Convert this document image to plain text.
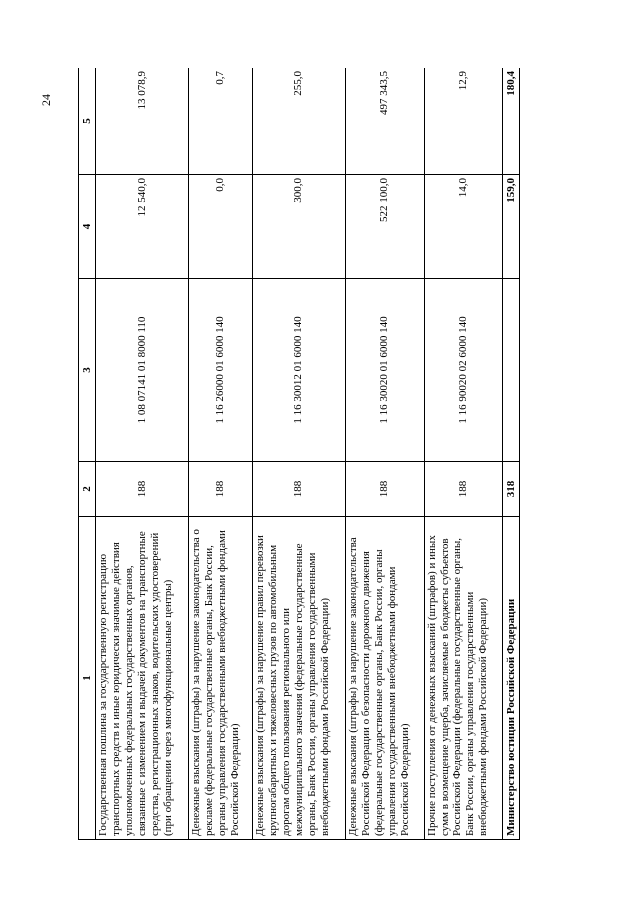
24
1	2	3	4	5
Государственная пошлина за государственную регистрацию транспортных средств и иные юридически значимые действия уполномоченных федеральных государственных органов, связанные с изменением и выдачей документов на транспортные средства, регистрационных знаков, водительских удостоверений (при обращении через многофункциональные центры)	188	1 08 07141 01 8000 110	12 540,0	13 078,9
Денежные взыскания (штрафы) за нарушение законодательства о рекламе (федеральные государственные органы, Банк России, органы управления государственными внебюджетными фондами Российской Федерации)	188	1 16 26000 01 6000 140	0,0	0,7
Денежные взыскания (штрафы) за нарушение правил перевозки крупногабаритных и тяжеловесных грузов по автомобильным дорогам общего пользования регионального или межмуниципального значения (федеральные государственные органы, Банк России, органы управления государственными внебюджетными фондами Российской Федерации)	188	1 16 30012 01 6000 140	300,0	255,0
Денежные взыскания (штрафы) за нарушение законодательства Российской Федерации о безопасности дорожного движения (федеральные государственные органы, Банк России, органы управления государственными внебюджетными фондами Российской Федерации)	188	1 16 30020 01 6000 140	522 100,0	497 343,5
Прочие поступления от денежных взысканий (штрафов) и иных сумм в возмещение ущерба, зачисляемые в бюджеты субъектов Российской Федерации (федеральные государственные органы, Банк России, органы управления государственными внебюджетными фондами Российской Федерации)	188	1 16 90020 02 6000 140	14,0	12,9
Министерство юстиции Российской Федерации	318		159,0	180,4
